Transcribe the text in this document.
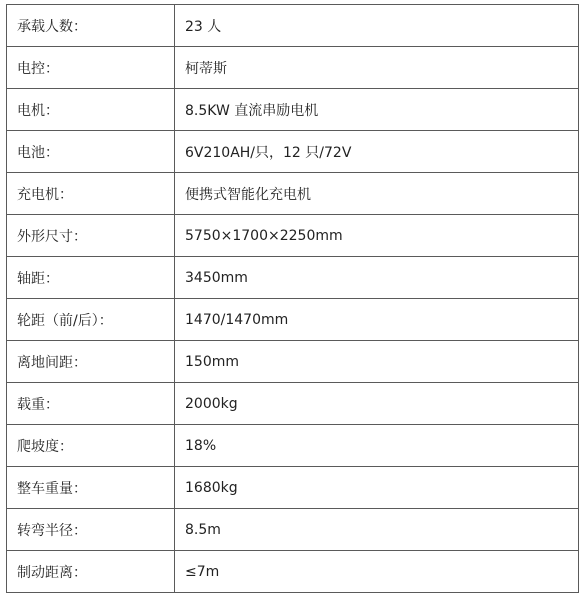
承载人数：	23 人
电控：	柯蒂斯
电机：	8.5KW 直流串励电机
电池：	6V210AH/只，12 只/72V
充电机：	便携式智能化充电机
外形尺寸：	5750×1700×2250mm
轴距：	3450mm
轮距（前/后）：	1470/1470mm
离地间距：	150mm
载重：	2000kg
爬坡度：	18%
整车重量：	1680kg
转弯半径：	8.5m
制动距离：	≤7m
